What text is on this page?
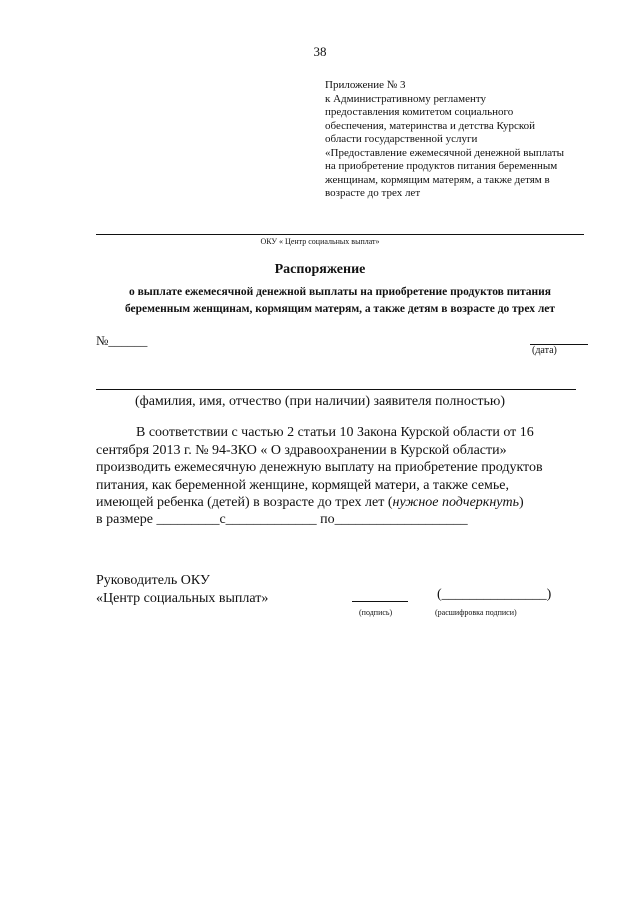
38
Приложение № 3
к Административному регламенту
предоставления комитетом социального
обеспечения, материнства и детства Курской
области государственной услуги
«Предоставление ежемесячной денежной выплаты
на приобретение продуктов питания беременным
женщинам, кормящим матерям, а также детям в
возрасте до трех лет
ОКУ « Центр социальных выплат»
Распоряжение
о выплате ежемесячной денежной выплаты на приобретение продуктов питания
беременным женщинам, кормящим матерям, а также детям в возрасте до трех лет
№______
(дата)
(фамилия, имя, отчество (при наличии) заявителя полностью)
В соответствии с частью 2 статьи 10 Закона Курской области от 16
сентября 2013 г. № 94-ЗКО « О здравоохранении в Курской области»
производить ежемесячную денежную выплату на приобретение продуктов
питания, как беременной женщине, кормящей матери, а также семье,
имеющей ребенка (детей) в возрасте до трех лет (нужное подчеркнуть)
в размере _________с_____________ по___________________
Руководитель ОКУ
«Центр социальных выплат»
(подпись)
(_______________)
(расшифровка подписи)
